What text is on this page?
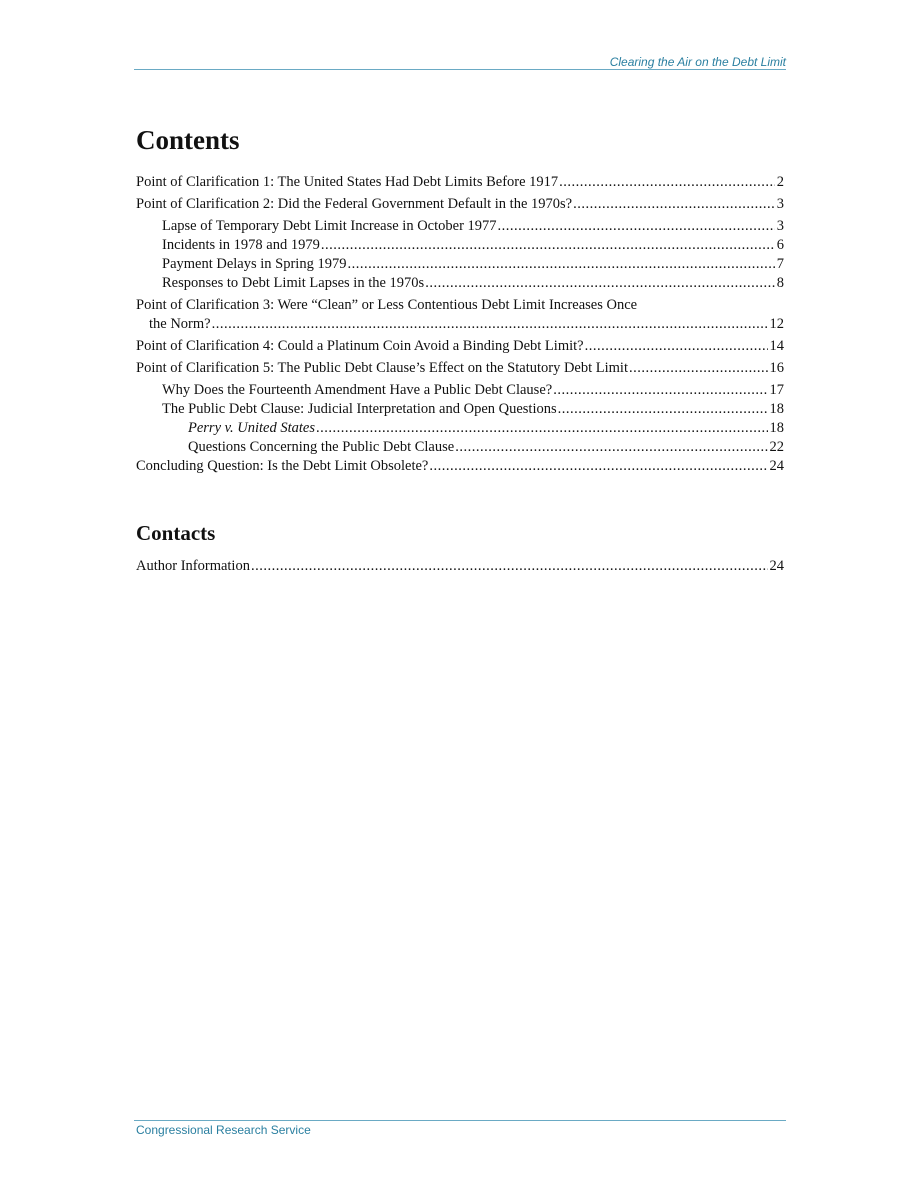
Clearing the Air on the Debt Limit
Contents
Point of Clarification 1: The United States Had Debt Limits Before 1917 .....	2
Point of Clarification 2: Did the Federal Government Default in the 1970s? .....	3
Lapse of Temporary Debt Limit Increase in October 1977 .....	3
Incidents in 1978 and 1979 .....	6
Payment Delays in Spring 1979 .....	7
Responses to Debt Limit Lapses in the 1970s .....	8
Point of Clarification 3: Were “Clean” or Less Contentious Debt Limit Increases Once
the Norm? .....	12
Point of Clarification 4: Could a Platinum Coin Avoid a Binding Debt Limit? .....	14
Point of Clarification 5: The Public Debt Clause’s Effect on the Statutory Debt Limit .....	16
Why Does the Fourteenth Amendment Have a Public Debt Clause? .....	17
The Public Debt Clause: Judicial Interpretation and Open Questions .....	18
Perry v. United States .....	18
Questions Concerning the Public Debt Clause .....	22
Concluding Question: Is the Debt Limit Obsolete? .....	24
Contacts
Author Information .....	24
Congressional Research Service
